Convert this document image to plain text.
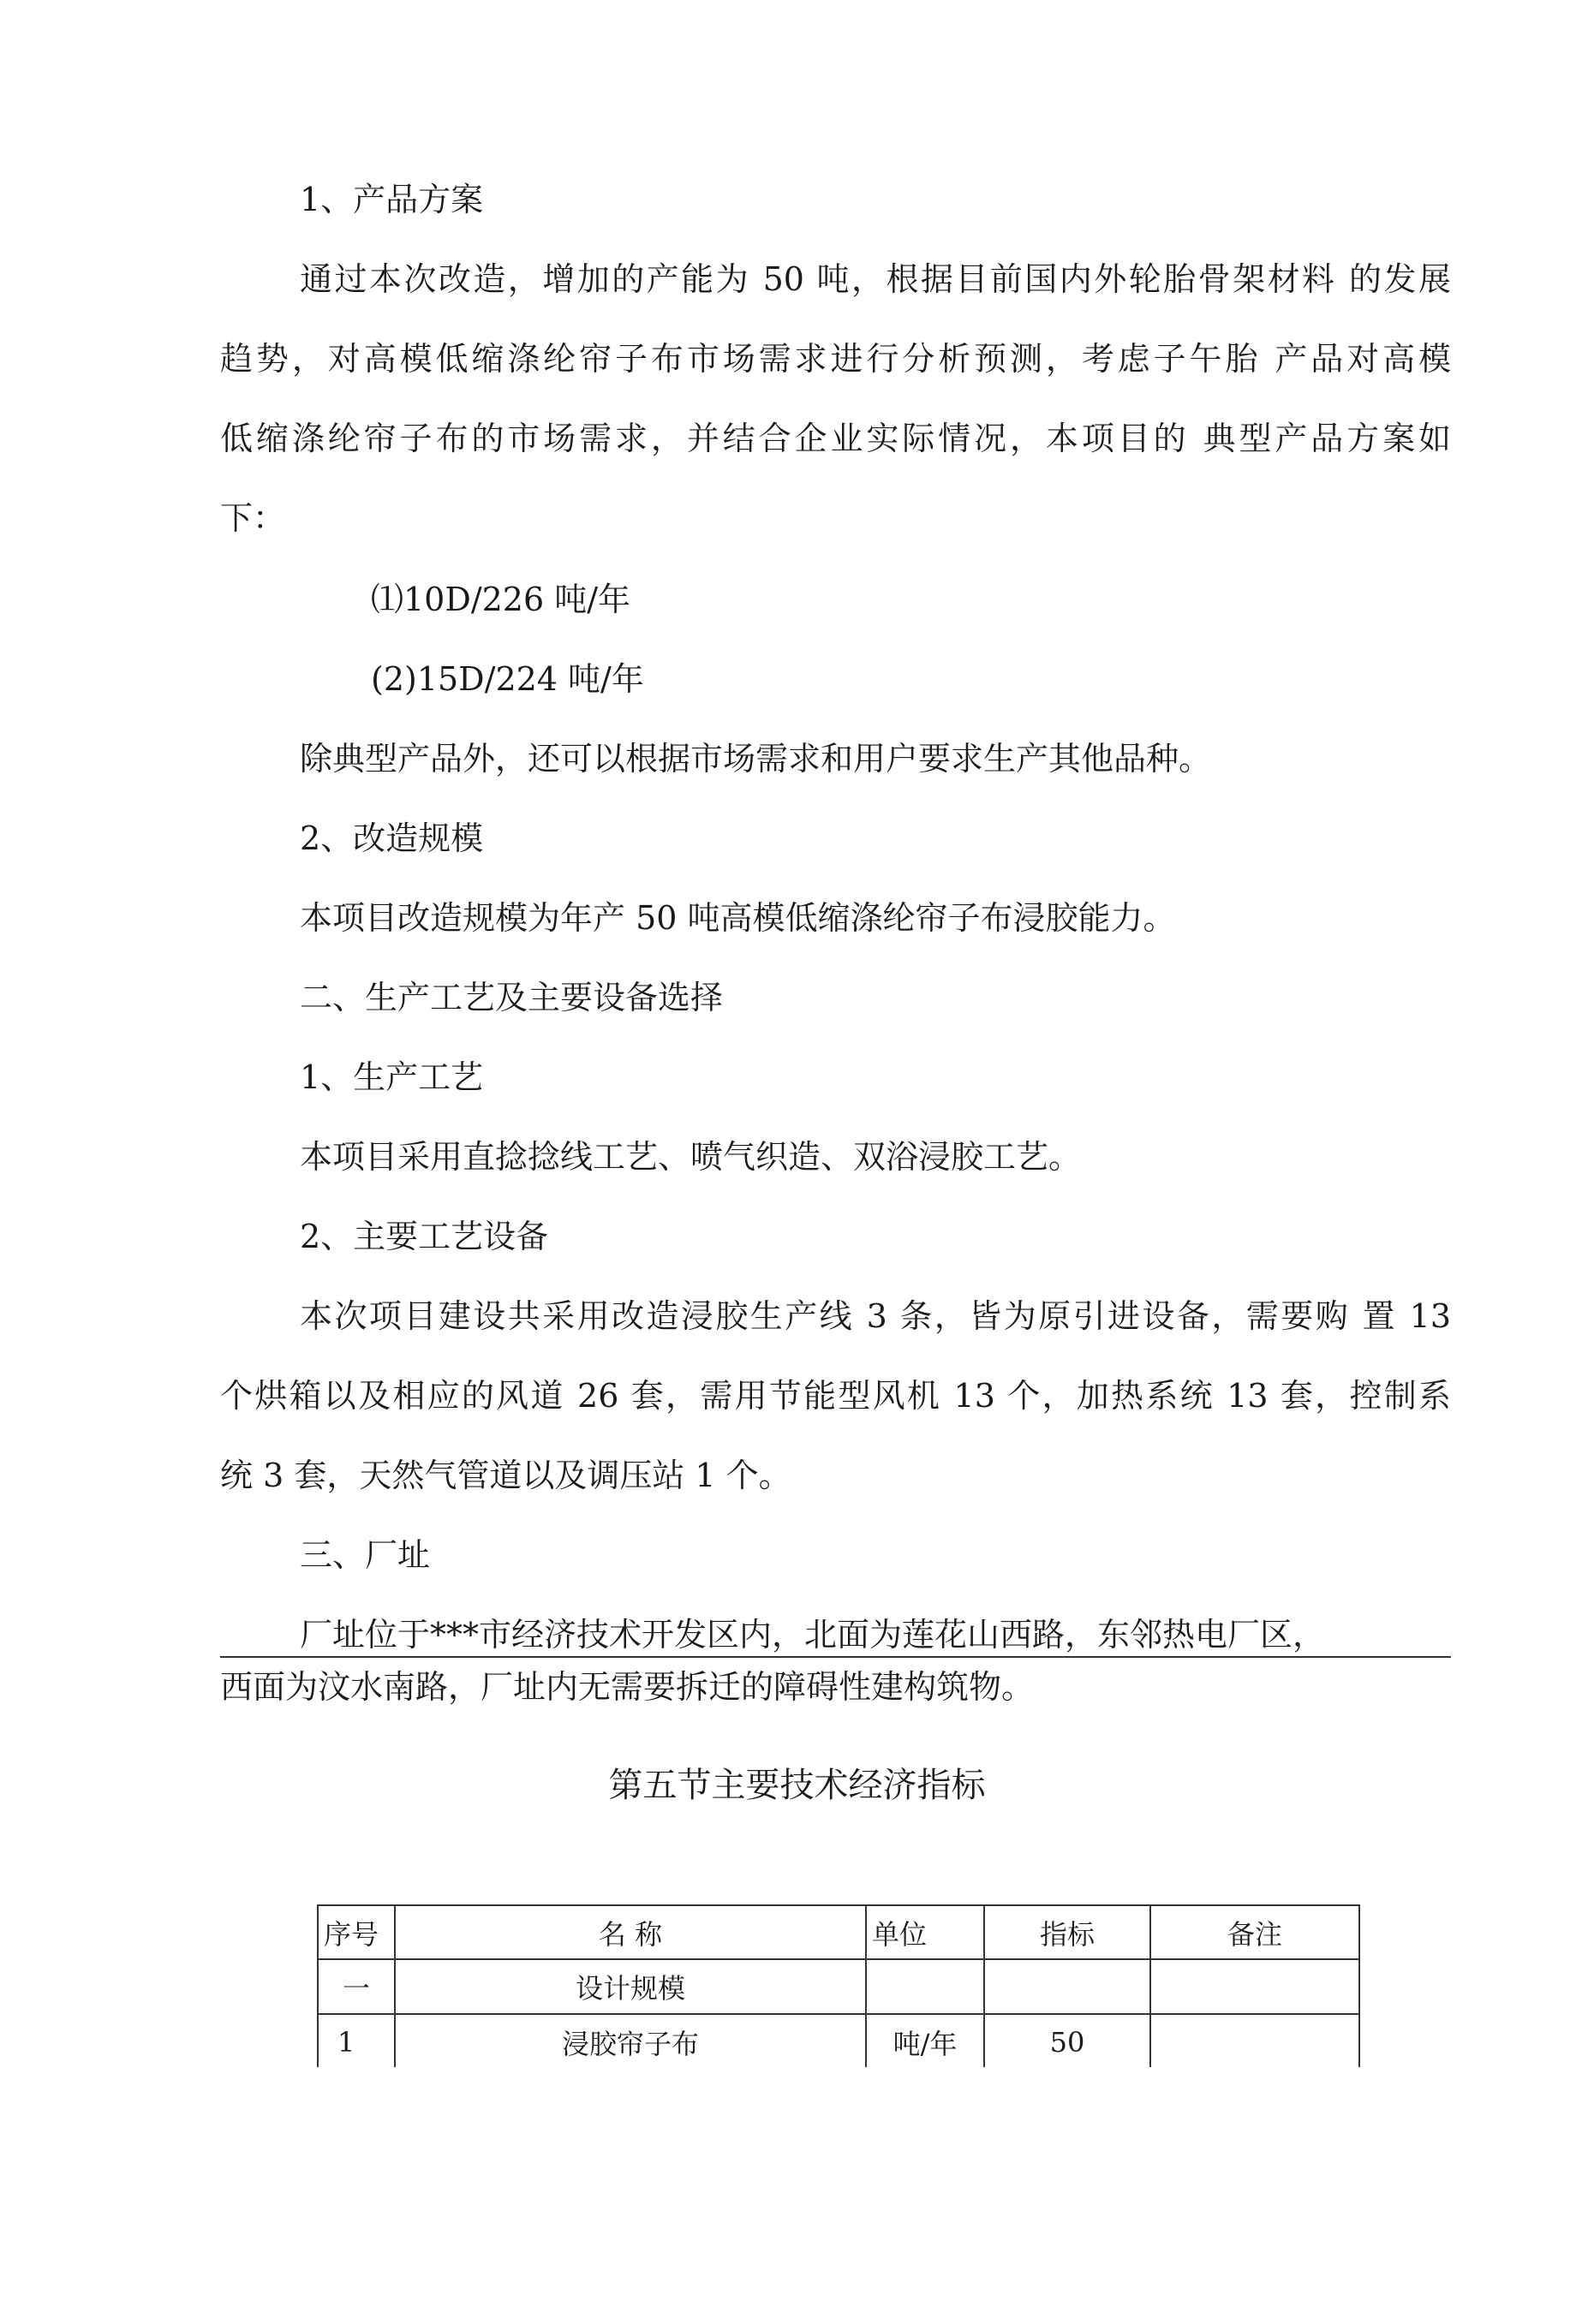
1、产品方案
通过本次改造，增加的产能为 50 吨，根据目前国内外轮胎骨架材料 的发展
趋势，对高模低缩涤纶帘子布市场需求进行分析预测，考虑子午胎 产品对高模
低缩涤纶帘子布的市场需求，并结合企业实际情况，本项目的 典型产品方案如
下：
⑴10D/226 吨/年
(2)15D/224 吨/年
除典型产品外，还可以根据市场需求和用户要求生产其他品种。
2、改造规模
本项目改造规模为年产 50 吨高模低缩涤纶帘子布浸胶能力。
二、生产工艺及主要设备选择
1、生产工艺
本项目采用直捻捻线工艺、喷气织造、双浴浸胶工艺。
2、主要工艺设备
本次项目建设共采用改造浸胶生产线 3 条，皆为原引进设备，需要购 置 13
个烘箱以及相应的风道 26 套，需用节能型风机 13 个，加热系统 13 套，控制系
统 3 套，天然气管道以及调压站 1 个。
三、厂址
厂址位于***市经济技术开发区内，北面为莲花山西路，东邻热电厂区，
西面为汶水南路，厂址内无需要拆迁的障碍性建构筑物。
第五节主要技术经济指标
序号	名 称	单位	指标	备注
一	设计规模			
1	浸胶帘子布	吨/年	50	
